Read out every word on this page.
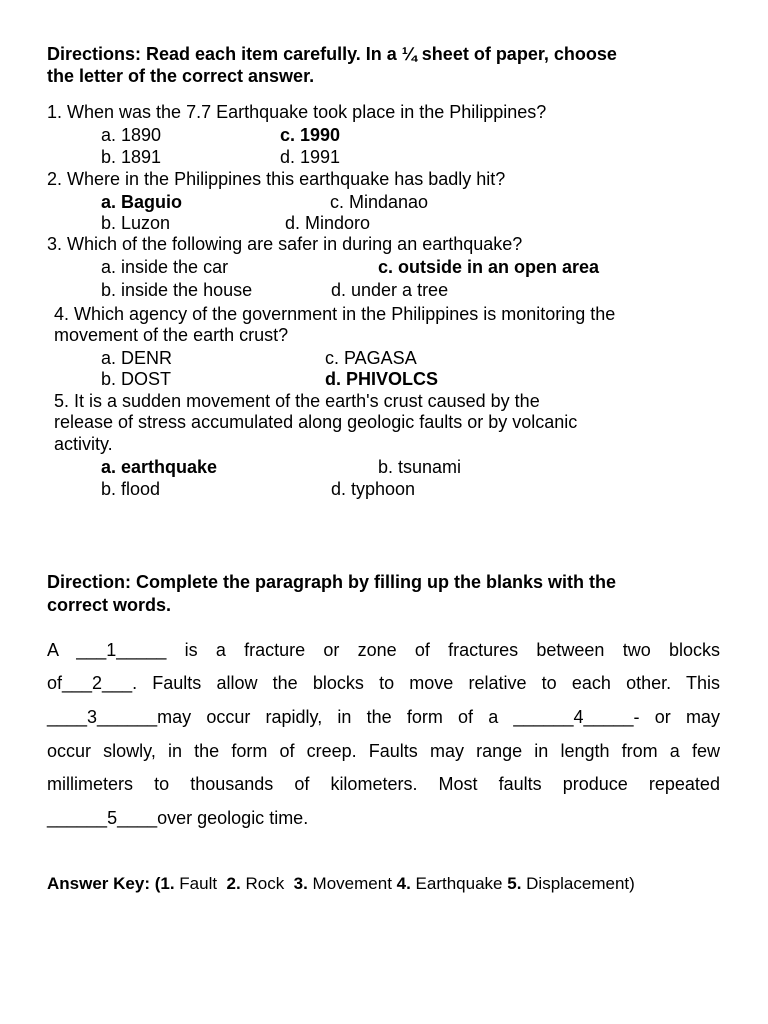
Directions: Read each item carefully. In a ¼ sheet of paper, choose
the letter of the correct answer.
1. When was the 7.7 Earthquake took place in the Philippines?
a. 1890	c. 1990
b. 1891	d. 1991
2. Where in the Philippines this earthquake has badly hit?
a. Baguio	c. Mindanao
b. Luzon	d. Mindoro
3. Which of the following are safer in during an earthquake?
a. inside the car	c. outside in an open area
b. inside the house	d. under a tree
4. Which agency of the government in the Philippines is monitoring the
movement of the earth crust?
a. DENR	c. PAGASA
b. DOST	d. PHIVOLCS
5. It is a sudden movement of the earth's crust caused by the
release of stress accumulated along geologic faults or by volcanic
activity.
a. earthquake	b. tsunami
b. flood	d. typhoon
Direction: Complete the paragraph by filling up the blanks with the
correct words.
A ___1_____ is a fracture or zone of fractures between two blocks
of___2___. Faults allow the blocks to move relative to each other. This
____3______may occur rapidly, in the form of a ______4_____- or may
occur slowly, in the form of creep. Faults may range in length from a few
millimeters to thousands of kilometers. Most faults produce repeated
______5____over geologic time.
Answer Key: (1. Fault  2. Rock  3. Movement 4. Earthquake 5. Displacement)
